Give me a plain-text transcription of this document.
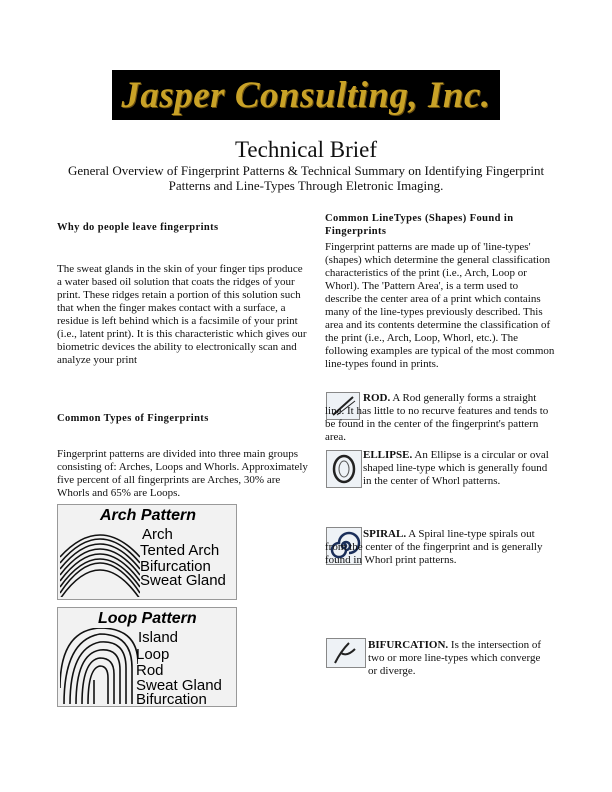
Jasper Consulting, Inc.
Technical Brief
General Overview of Fingerprint Patterns & Technical Summary on Identifying Fingerprint Patterns and Line-Types Through Eletronic Imaging.
Why do people leave fingerprints
The sweat glands in the skin of your finger tips produce a water based oil solution that coats the ridges of your print. These ridges retain a portion of this solution such that when the finger makes contact with a surface, a residue is left behind which is a facsimile of your print (i.e., latent print). It is this characteristic which gives our biometric devices the ability to electronically scan and analyze your print
Common Types of Fingerprints
Fingerprint patterns are divided into three main groups consisting of: Arches, Loops and Whorls. Approximately five percent of all fingerprints are Arches, 30% are Whorls and 65% are Loops.
Arch Pattern
Arch
Tented Arch
Bifurcation
Sweat Gland
Loop Pattern
Island
Loop
Rod
Sweat Gland
Bifurcation
Common LineTypes (Shapes) Found in Fingerprints
Fingerprint patterns are made up of 'line-types' (shapes) which determine the general classification characteristics of the print (i.e., Arch, Loop or Whorl). The 'Pattern Area', is a term used to describe the center area of a print which contains many of the line-types previously described. This area and its contents determine the classification of the print (i.e., Arch, Loop, Whorl, etc.). The following examples are typical of the most common line-types found in prints.
ROD. A Rod generally forms a straight line. It has little to no recurve features and tends to be found in the center of the fingerprint's pattern area.
ELLIPSE. An Ellipse is a circular or oval shaped line-type which is generally found in the center of Whorl patterns.
SPIRAL. A Spiral line-type spirals out from the center of the fingerprint and is generally found in Whorl print patterns.
BIFURCATION. Is the intersection of two or more line-types which converge or diverge.
